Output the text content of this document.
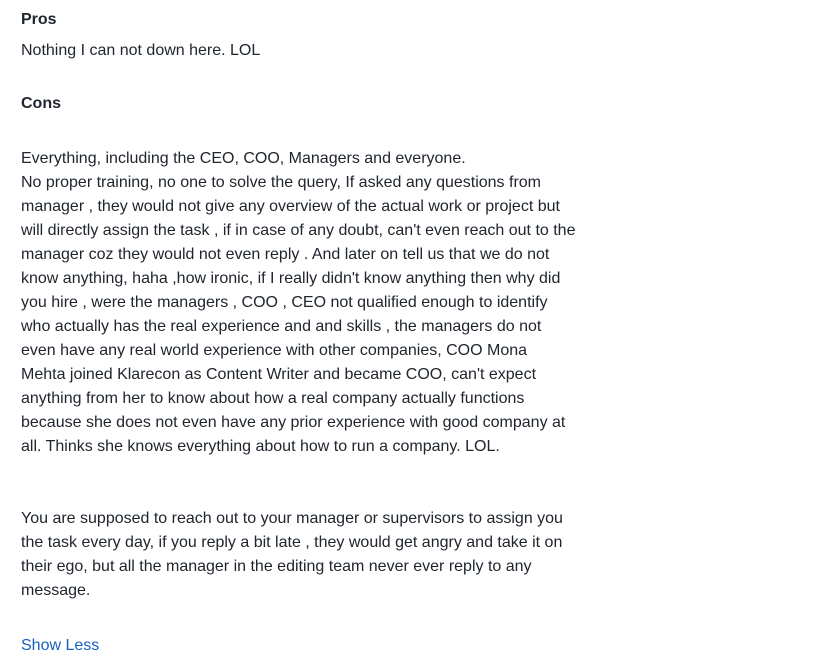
Pros

Nothing I can not down here. LOL

Cons

Everything, including the CEO, COO, Managers and everyone.
No proper training, no one to solve the query, If asked any questions from
manager , they would not give any overview of the actual work or project but
will directly assign the task , if in case of any doubt, can't even reach out to the
manager coz they would not even reply . And later on tell us that we do not
know anything, haha ,how ironic, if I really didn't know anything then why did
you hire , were the managers , COO , CEO not qualified enough to identify
who actually has the real experience and and skills , the managers do not
even have any real world experience with other companies, COO Mona
Mehta joined Klarecon as Content Writer and became COO, can't expect
anything from her to know about how a real company actually functions
because she does not even have any prior experience with good company at
all. Thinks she knows everything about how to run a company. LOL.

You are supposed to reach out to your manager or supervisors to assign you
the task every day, if you reply a bit late , they would get angry and take it on
their ego, but all the manager in the editing team never ever reply to any
message.

Show Less
